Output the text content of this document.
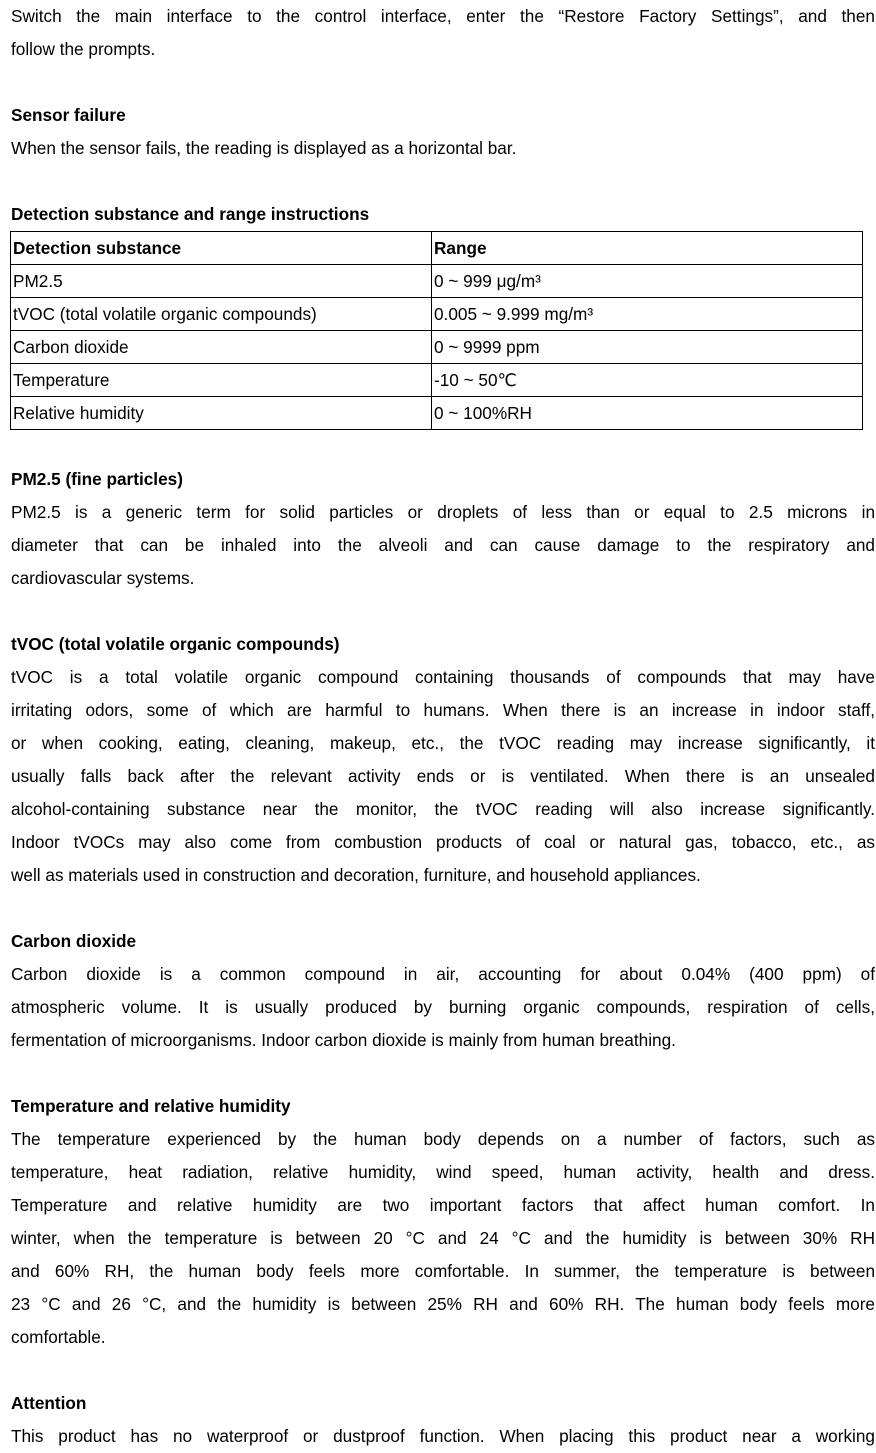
Switch the main interface to the control interface, enter the “Restore Factory Settings”, and then

follow the prompts.

Sensor failure

When the sensor fails, the reading is displayed as a horizontal bar.

Detection substance and range instructions

Detection substance	Range
PM2.5	0 ~ 999 μg/m³
tVOC (total volatile organic compounds)	0.005 ~ 9.999 mg/m³
Carbon dioxide	0 ~ 9999 ppm
Temperature	-10 ~ 50℃
Relative humidity	0 ~ 100%RH

PM2.5 (fine particles)

PM2.5 is a generic term for solid particles or droplets of less than or equal to 2.5 microns in

diameter that can be inhaled into the alveoli and can cause damage to the respiratory and

cardiovascular systems.

tVOC (total volatile organic compounds)

tVOC is a total volatile organic compound containing thousands of compounds that may have

irritating odors, some of which are harmful to humans. When there is an increase in indoor staff,

or when cooking, eating, cleaning, makeup, etc., the tVOC reading may increase significantly, it

usually falls back after the relevant activity ends or is ventilated. When there is an unsealed

alcohol-containing substance near the monitor, the tVOC reading will also increase significantly.

Indoor tVOCs may also come from combustion products of coal or natural gas, tobacco, etc., as

well as materials used in construction and decoration, furniture, and household appliances.

Carbon dioxide

Carbon dioxide is a common compound in air, accounting for about 0.04% (400 ppm) of

atmospheric volume. It is usually produced by burning organic compounds, respiration of cells,

fermentation of microorganisms. Indoor carbon dioxide is mainly from human breathing.

Temperature and relative humidity

The temperature experienced by the human body depends on a number of factors, such as

temperature, heat radiation, relative humidity, wind speed, human activity, health and dress.

Temperature and relative humidity are two important factors that affect human comfort. In

winter, when the temperature is between 20 °C and 24 °C and the humidity is between 30% RH

and 60% RH, the human body feels more comfortable. In summer, the temperature is between

23 °C and 26 °C, and the humidity is between 25% RH and 60% RH. The human body feels more

comfortable.

Attention

This product has no waterproof or dustproof function. When placing this product near a working
